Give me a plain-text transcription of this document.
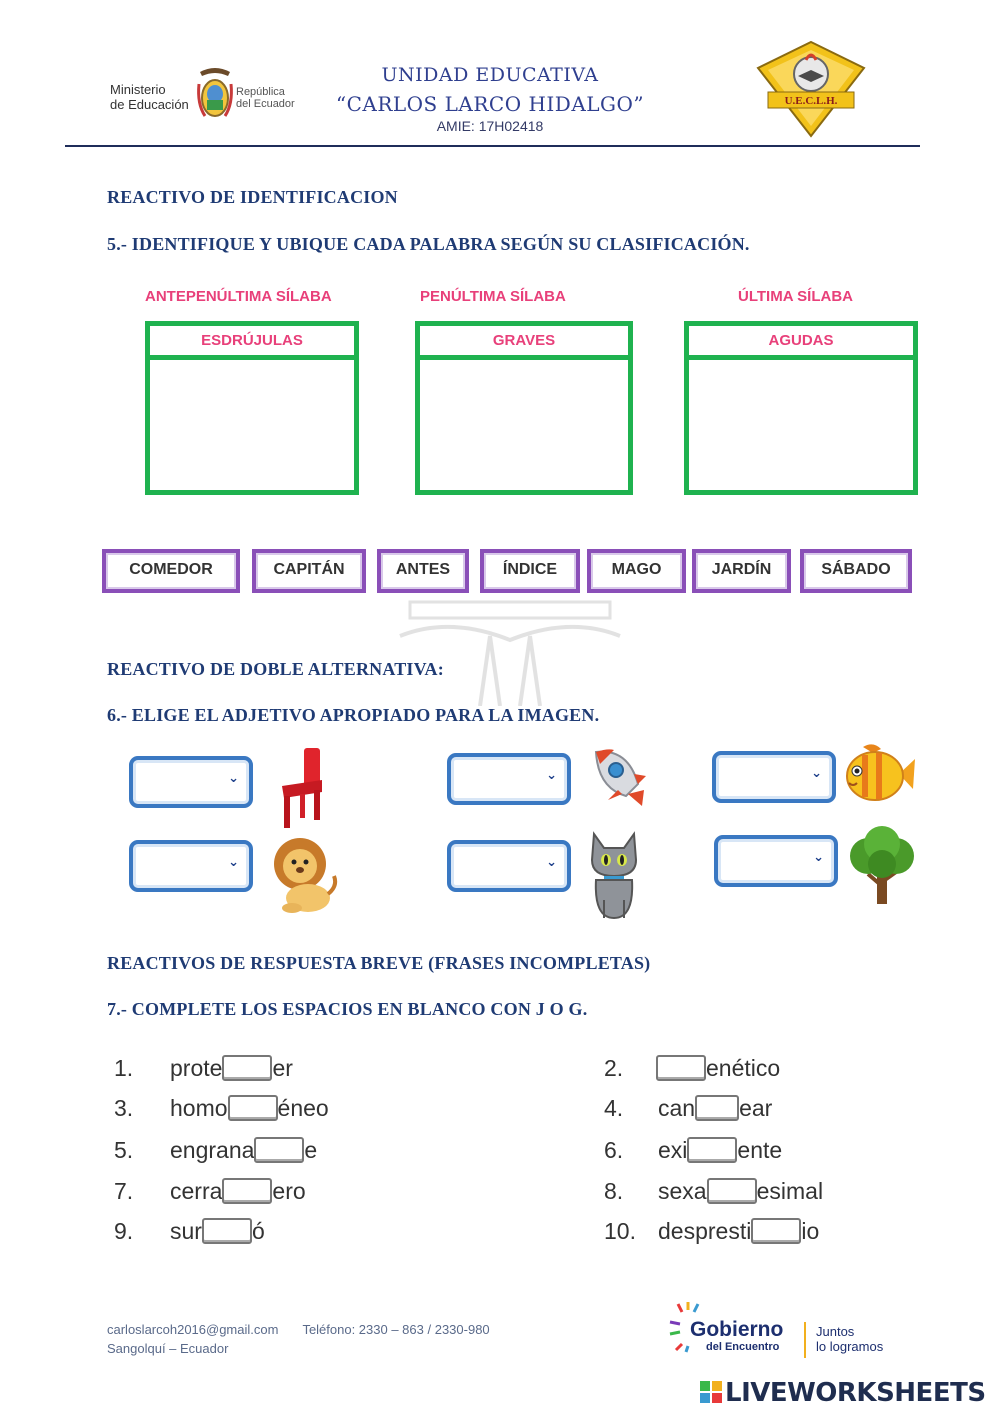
Ministerio
de Educación
República
del Ecuador
UNIDAD EDUCATIVA
“CARLOS LARCO HIDALGO”
AMIE: 17H02418
U.E.C.L.H.
REACTIVO DE IDENTIFICACION
5.- IDENTIFIQUE Y UBIQUE CADA PALABRA SEGÚN SU CLASIFICACIÓN.
ANTEPENÚLTIMA SÍLABA	PENÚLTIMA SÍLABA	ÚLTIMA SÍLABA
ESDRÚJULAS	GRAVES	AGUDAS
COMEDOR	CAPITÁN	ANTES	ÍNDICE	MAGO	JARDÍN	SÁBADO
REACTIVO DE DOBLE ALTERNATIVA:
6.- ELIGE EL ADJETIVO APROPIADO PARA LA IMAGEN.
⌄	⌄	⌄
⌄	⌄	⌄
REACTIVOS DE RESPUESTA BREVE (FRASES INCOMPLETAS)
7.- COMPLETE LOS ESPACIOS EN BLANCO CON J O G.
1. prote er	2.	enético
3. homo éneo	4. can ear
5. engrana e	6. exi ente
7. cerra ero	8. sexa esimal
9. sur ó	10. despresti io
carloslarcoh2016@gmail.com Teléfono: 2330 – 863 / 2330-980
Sangolquí – Ecuador
Gobierno
del Encuentro
Juntos
lo logramos
LIVEWORKSHEETS
